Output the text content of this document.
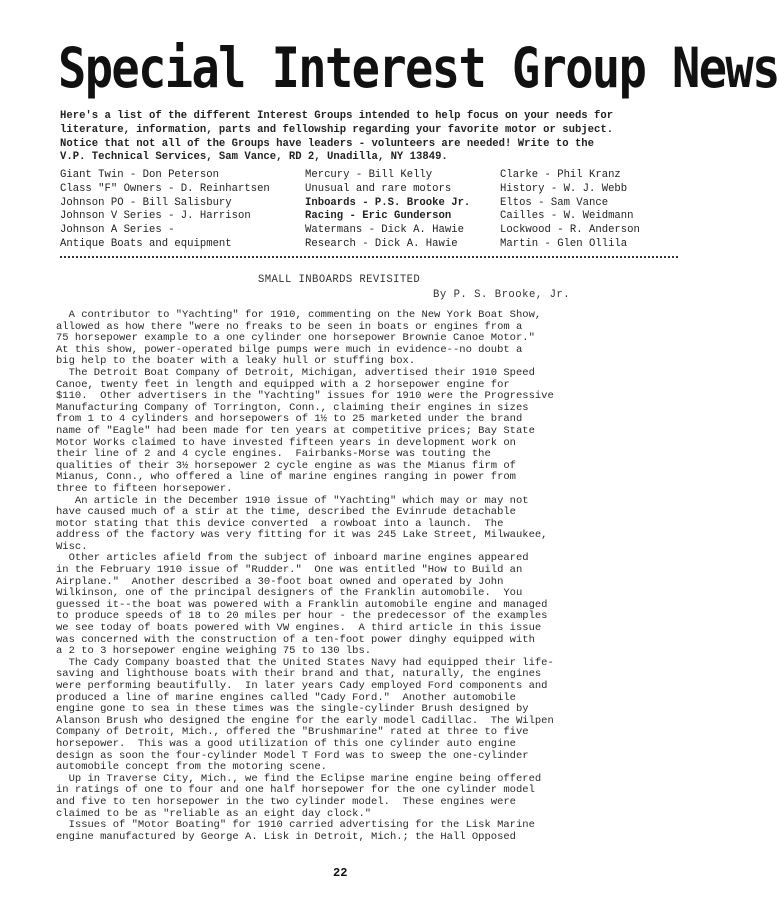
Special Interest Group News
Here's a list of the different Interest Groups intended to help focus on your needs for
literature, information, parts and fellowship regarding your favorite motor or subject.
Notice that not all of the Groups have leaders - volunteers are needed! Write to the
V.P. Technical Services, Sam Vance, RD 2, Unadilla, NY 13849.
Giant Twin - Don Peterson
Class "F" Owners - D. Reinhartsen
Johnson PO - Bill Salisbury
Johnson V Series - J. Harrison
Johnson A Series -
Antique Boats and equipment
Mercury - Bill Kelly
Unusual and rare motors
Inboards - P.S. Brooke Jr.
Racing - Eric Gunderson
Watermans - Dick A. Hawie
Research - Dick A. Hawie
Clarke - Phil Kranz
History - W. J. Webb
Eltos - Sam Vance
Cailles - W. Weidmann
Lockwood - R. Anderson
Martin - Glen Ollila
SMALL INBOARDS REVISITED
By P. S. Brooke, Jr.
A contributor to "Yachting" for 1910, commenting on the New York Boat Show,
allowed as how there "were no freaks to be seen in boats or engines from a
75 horsepower example to a one cylinder one horsepower Brownie Canoe Motor."
At this show, power-operated bilge pumps were much in evidence--no doubt a
big help to the boater with a leaky hull or stuffing box.
The Detroit Boat Company of Detroit, Michigan, advertised their 1910 Speed
Canoe, twenty feet in length and equipped with a 2 horsepower engine for
$110.  Other advertisers in the "Yachting" issues for 1910 were the Progressive
Manufacturing Company of Torrington, Conn., claiming their engines in sizes
from 1 to 4 cylinders and horsepowers of 1½ to 25 marketed under the brand
name of "Eagle" had been made for ten years at competitive prices; Bay State
Motor Works claimed to have invested fifteen years in development work on
their line of 2 and 4 cycle engines.  Fairbanks-Morse was touting the
qualities of their 3½ horsepower 2 cycle engine as was the Mianus firm of
Mianus, Conn., who offered a line of marine engines ranging in power from
three to fifteen horsepower.
An article in the December 1910 issue of "Yachting" which may or may not
have caused much of a stir at the time, described the Evinrude detachable
motor stating that this device converted  a rowboat into a launch.  The
address of the factory was very fitting for it was 245 Lake Street, Milwaukee,
Wisc.
Other articles afield from the subject of inboard marine engines appeared
in the February 1910 issue of "Rudder."  One was entitled "How to Build an
Airplane."  Another described a 30-foot boat owned and operated by John
Wilkinson, one of the principal designers of the Franklin automobile.  You
guessed it--the boat was powered with a Franklin automobile engine and managed
to produce speeds of 18 to 20 miles per hour - the predecessor of the examples
we see today of boats powered with VW engines.  A third article in this issue
was concerned with the construction of a ten-foot power dinghy equipped with
a 2 to 3 horsepower engine weighing 75 to 130 lbs.
The Cady Company boasted that the United States Navy had equipped their life-
saving and lighthouse boats with their brand and that, naturally, the engines
were performing beautifully.  In later years Cady employed Ford components and
produced a line of marine engines called "Cady Ford."  Another automobile
engine gone to sea in these times was the single-cylinder Brush designed by
Alanson Brush who designed the engine for the early model Cadillac.  The Wilpen
Company of Detroit, Mich., offered the "Brushmarine" rated at three to five
horsepower.  This was a good utilization of this one cylinder auto engine
design as soon the four-cylinder Model T Ford was to sweep the one-cylinder
automobile concept from the motoring scene.
Up in Traverse City, Mich., we find the Eclipse marine engine being offered
in ratings of one to four and one half horsepower for the one cylinder model
and five to ten horsepower in the two cylinder model.  These engines were
claimed to be as "reliable as an eight day clock."
Issues of "Motor Boating" for 1910 carried advertising for the Lisk Marine
engine manufactured by George A. Lisk in Detroit, Mich.; the Hall Opposed
22
